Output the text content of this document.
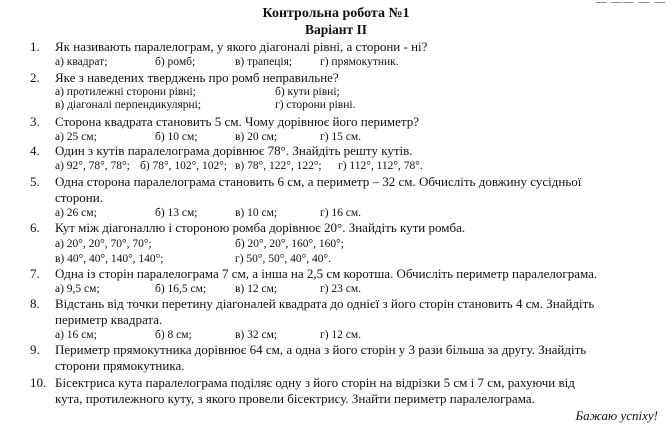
— —— — —
Контрольна робота №1
Варіант ІІ
1.	Як називають паралелограм, у якого діагоналі рівні, а сторони - ні?
2.	Яке з наведених тверджень про ромб неправильне?
3.	Сторона квадрата становить 5 см. Чому дорівнює його периметр?
4.	Один з кутів паралелограма дорівнює 78°. Знайдіть решту кутів.
5.	Одна сторона паралелограма становить 6 см, а периметр – 32 см. Обчисліть довжину сусідньої
сторони.
6.	Кут між діагоналлю і стороною ромба дорівнює 20°. Знайдіть кути ромба.
7.	Одна із сторін паралелограма 7 см, а інша на 2,5 см коротша. Обчисліть периметр паралелограма.
8.	Відстань від точки перетину діагоналей квадрата до однієї з його сторін становить 4 см. Знайдіть
периметр квадрата.
9.	Периметр прямокутника дорівнює 64 см, а одна з його сторін у 3 рази більша за другу. Знайдіть
сторони прямокутника.
10. Бісектриса кута паралелограма поділяє одну з його сторін на відрізки 5 см і 7 см, рахуючи від
кута, протилежного куту, з якого провели бісектрису. Знайти периметр паралелограма.
Бажаю успіху!
а) квадрат;	б) ромб;	в) трапеція; г) прямокутник.
а) протилежні сторони рівні;	б) кути рівні;
в) діагоналі перпендикулярні;	г) сторони рівні.
а) 25 см;	б) 10 см;	в) 20 см;	г) 15 см.
а) 92°, 78°, 78°; б) 78°, 102°, 102°; в) 78°, 122°, 122°; г) 112°, 112°, 78°.
а) 26 см;	б) 13 см;	в) 10 см;	г) 16 см.
а) 20°, 20°, 70°, 70°;	б) 20°, 20°, 160°, 160°;
в) 40°, 40°, 140°, 140°;	г) 50°, 50°, 40°, 40°.
а) 9,5 см;	б) 16,5 см;	в) 12 см;	г) 23 см.
а) 16 см;	б) 8 см;	в) 32 см;	г) 12 см.
